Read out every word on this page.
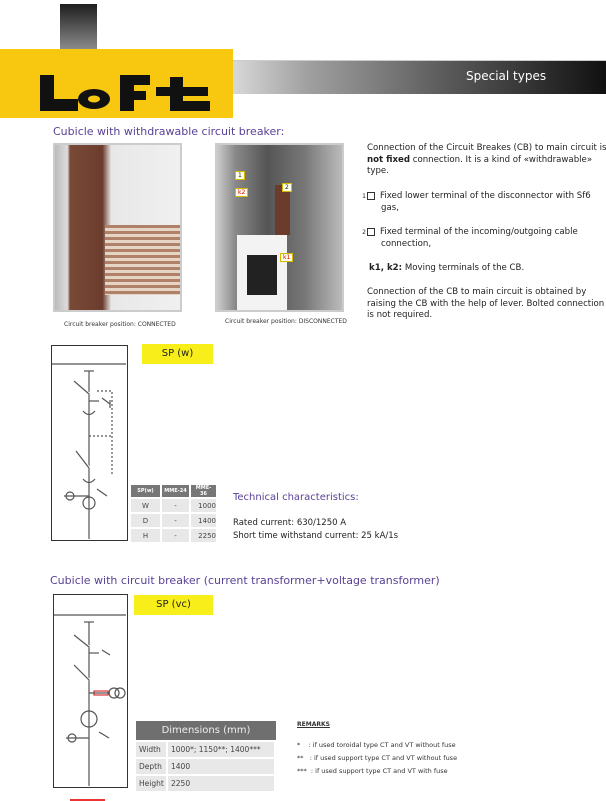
Special types
Cubicle with withdrawable circuit breaker:
1
2
k1
k2
Circuit breaker position: CONNECTED	Circuit breaker position: DISCONNECTED
Connection of the Circuit Breakes (CB) to main circuit is not fixed connection. It is a kind of «withdrawable» type.
1 Fixed lower terminal of the disconnector with Sf6 gas,
2 Fixed terminal of the incoming/outgoing cable connection,
k1, k2: Moving terminals of the CB.
Connection of the CB to main circuit is obtained by raising the CB with the help of lever. Bolted connection is not required.
SP (w)
SP(w)	MME-24	MME-36
W	-	1000
D	-	1400
H	-	2250
Technical characteristics:
Rated current: 630/1250 A
Short time withstand current: 25 kA/1s
Cubicle with circuit breaker (current transformer+voltage transformer)
SP (vc)
Dimensions (mm)	
Width	1000*; 1150**; 1400***
Depth	1400
Height	2250
REMARKS
*    : if used toroidal type CT and VT without fuse
**   : if used support type CT and VT without fuse
***  : if used support type CT and VT with fuse
